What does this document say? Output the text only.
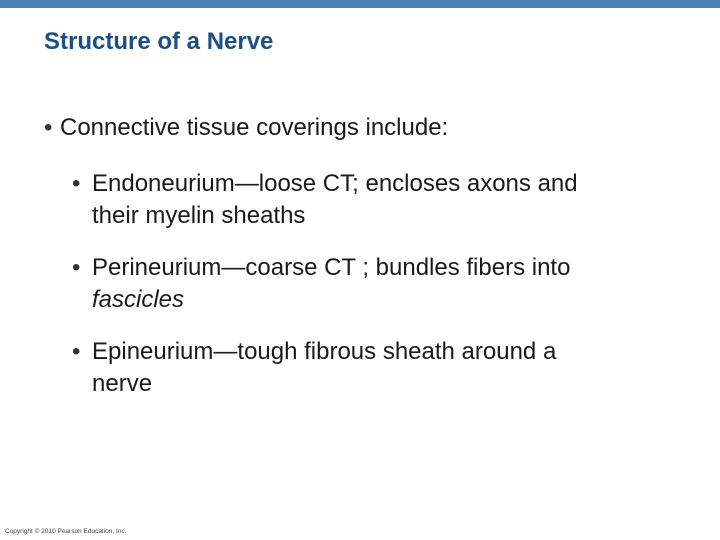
Structure of a Nerve
• Connective tissue coverings include:
• Endoneurium—loose CT; encloses axons and
their myelin sheaths
• Perineurium—coarse CT ; bundles fibers into
fascicles
• Epineurium—tough fibrous sheath around a
nerve
Copyright © 2010 Pearson Education, Inc.
